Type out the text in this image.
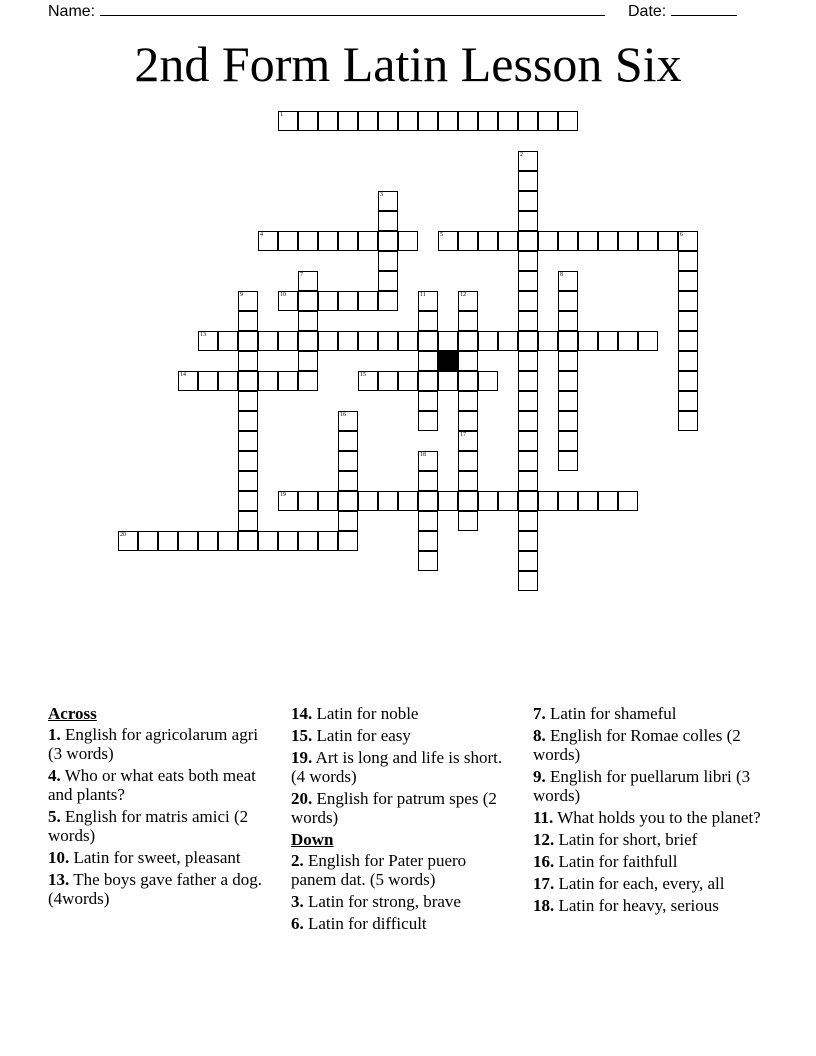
Name:	Date:
2nd Form Latin Lesson Six
1
4	5	6
10
13
14	15
19
20
2
3
7	8
9	11	12
16
17
18
Across
1. English for agricolarum agri (3 words)
4. Who or what eats both meat and plants?
5. English for matris amici (2 words)
10. Latin for sweet, pleasant
13. The boys gave father a dog. (4words)
14. Latin for noble
15. Latin for easy
19. Art is long and life is short. (4 words)
20. English for patrum spes (2 words)
Down
2. English for Pater puero panem dat. (5 words)
3. Latin for strong, brave
6. Latin for difficult
7. Latin for shameful
8. English for Romae colles (2 words)
9. English for puellarum libri (3 words)
11. What holds you to the planet?
12. Latin for short, brief
16. Latin for faithfull
17. Latin for each, every, all
18. Latin for heavy, serious
